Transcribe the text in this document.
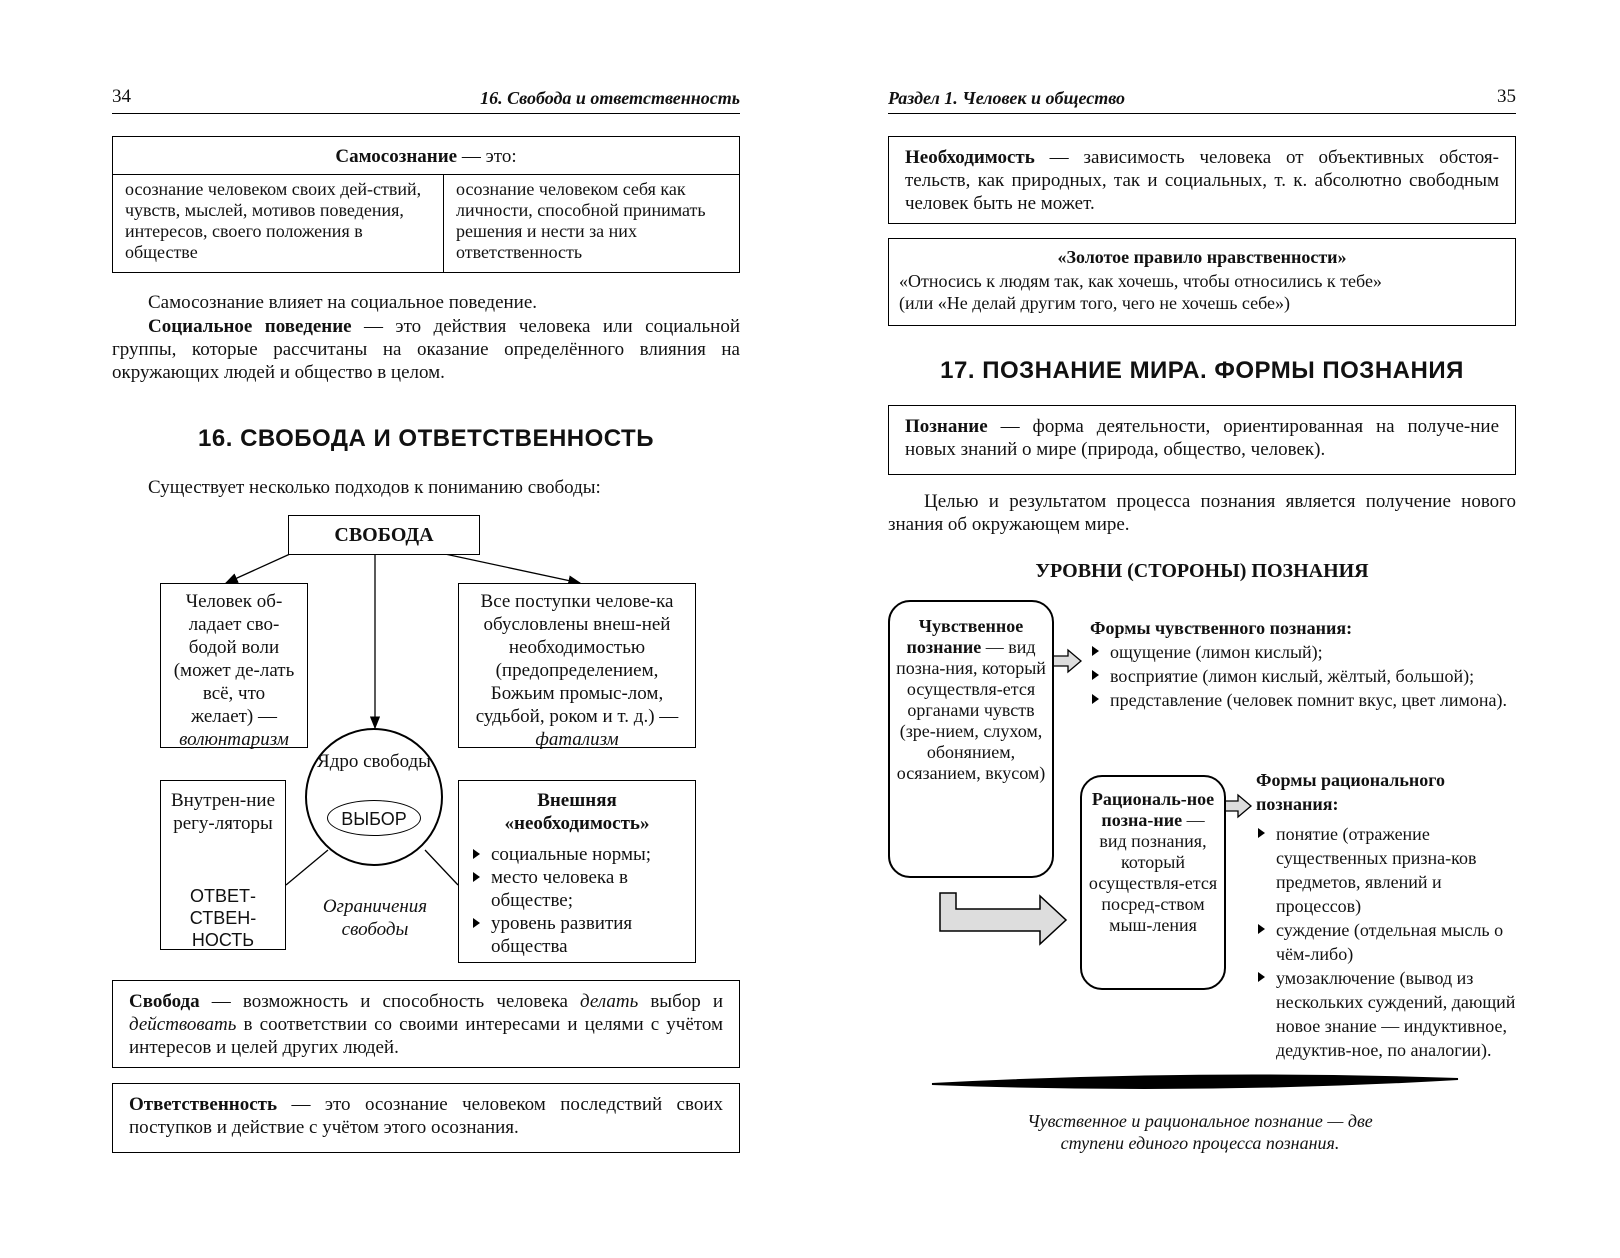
34	16. Свобода и ответственность
Самосознание — это:
осознание человеком своих дей-ствий, чувств, мыслей, мотивов поведения, интересов, своего положения в обществе
осознание человеком себя как личности, способной принимать решения и нести за них ответственность
Самосознание влияет на социальное поведение.
Социальное поведение — это действия человека или социальной группы, которые рассчитаны на оказание определённого влияния на окружающих людей и общество в целом.
16. СВОБОДА И ОТВЕТСТВЕННОСТЬ
Существует несколько подходов к пониманию свободы:
СВОБОДА
Человек об-ладает сво-бодой воли (может де-лать всё, что желает) — волюнтаризм
Все поступки челове-ка обусловлены внеш-ней необходимостью (предопределением, Божьим промыс-лом, судьбой, роком и т. д.) — фатализм
Ядро свободы
ВЫБОР
Внутрен-ние регу-ляторы
ОТВЕТ-СТВЕН-НОСТЬ
Ограничения свободы
Внешняя «необходимость»
социальные нормы;
место человека в обществе;
уровень развития общества
Свобода — возможность и способность человека делать выбор и действовать в соответствии со своими интересами и целями с учётом интересов и целей других людей.
Ответственность — это осознание человеком последствий своих поступков и действие с учётом этого осознания.
Раздел 1. Человек и общество	35
Необходимость — зависимость человека от объективных обстоя-тельств, как природных, так и социальных, т. к. абсолютно свободным человек быть не может.
«Золотое правило нравственности»
«Относись к людям так, как хочешь, чтобы относились к тебе»
(или «Не делай другим того, чего не хочешь себе»)
17. ПОЗНАНИЕ МИРА. ФОРМЫ ПОЗНАНИЯ
Познание — форма деятельности, ориентированная на получе-ние новых знаний о мире (природа, общество, человек).
Целью и результатом процесса познания является получение нового знания об окружающем мире.
УРОВНИ (СТОРОНЫ) ПОЗНАНИЯ
Чувственное познание — вид позна-ния, который осуществля-ется органами чувств (зре-нием, слухом, обонянием, осязанием, вкусом)
Формы чувственного познания:
ощущение (лимон кислый);
восприятие (лимон кислый, жёлтый, большой);
представление (человек помнит вкус, цвет лимона).
Рациональ-ное позна-ние — вид познания, который осуществля-ется посред-ством мыш-ления
Формы рационального познания:
понятие (отражение существенных призна-ков предметов, явлений и процессов)
суждение (отдельная мысль о чём-либо)
умозаключение (вывод из нескольких суждений, дающий новое знание — индуктивное, дедуктив-ное, по аналогии).
Чувственное и рациональное познание — две ступени единого процесса познания.
